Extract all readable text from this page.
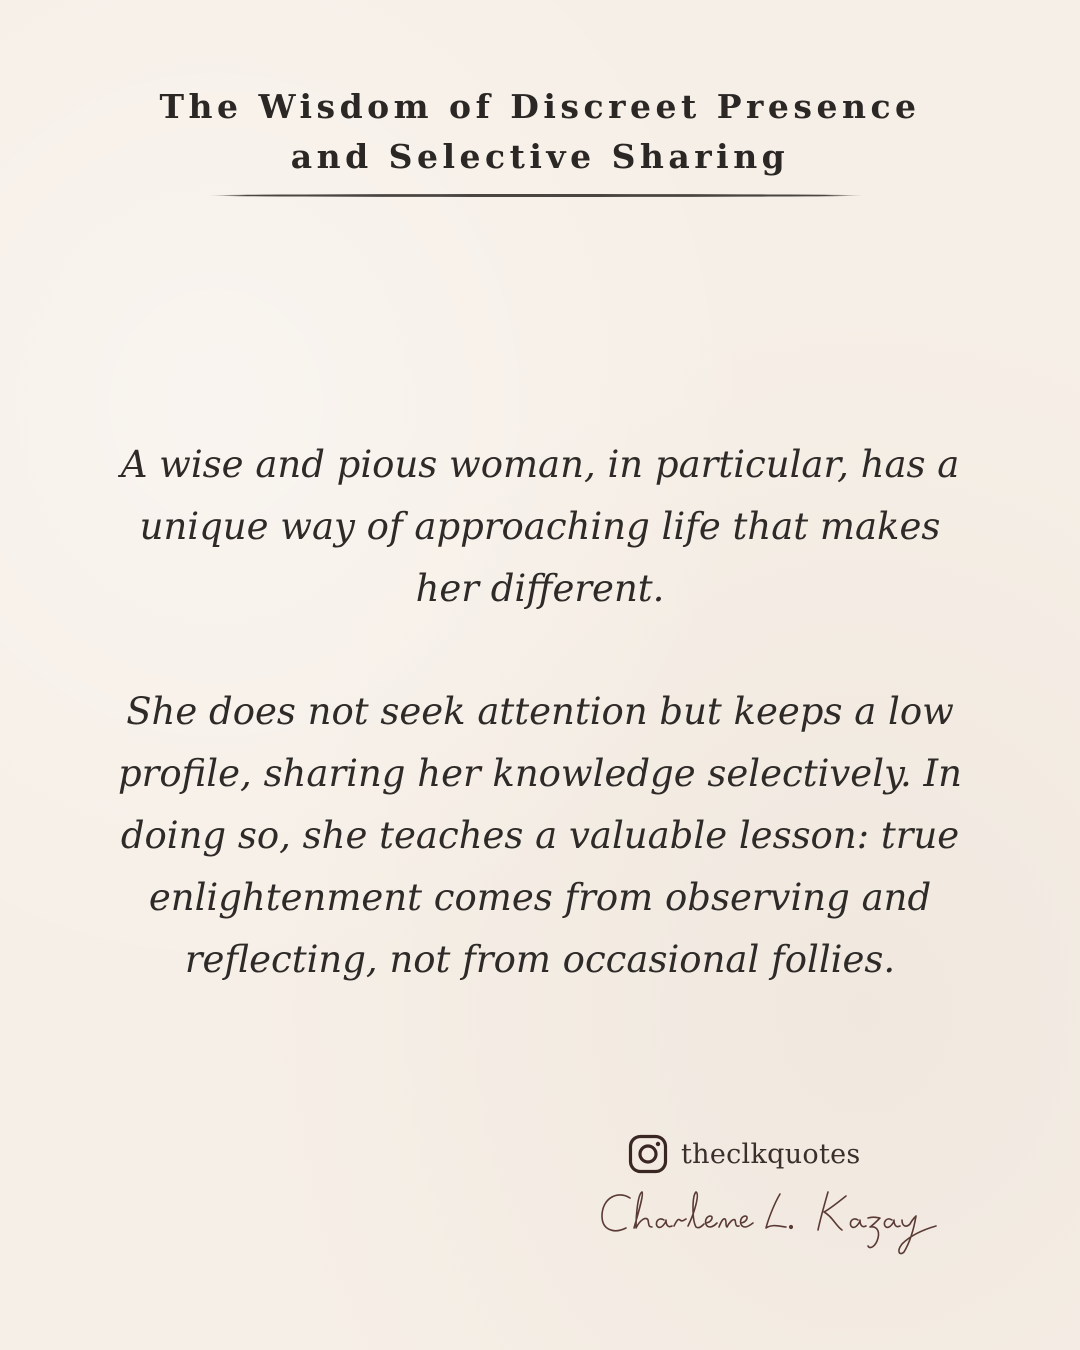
The Wisdom of Discreet Presence
and Selective Sharing
A wise and pious woman, in particular, has a
unique way of approaching life that makes
her different.
She does not seek attention but keeps a low
profile, sharing her knowledge selectively. In
doing so, she teaches a valuable lesson: true
enlightenment comes from observing and
reflecting, not from occasional follies.
theclkquotes
